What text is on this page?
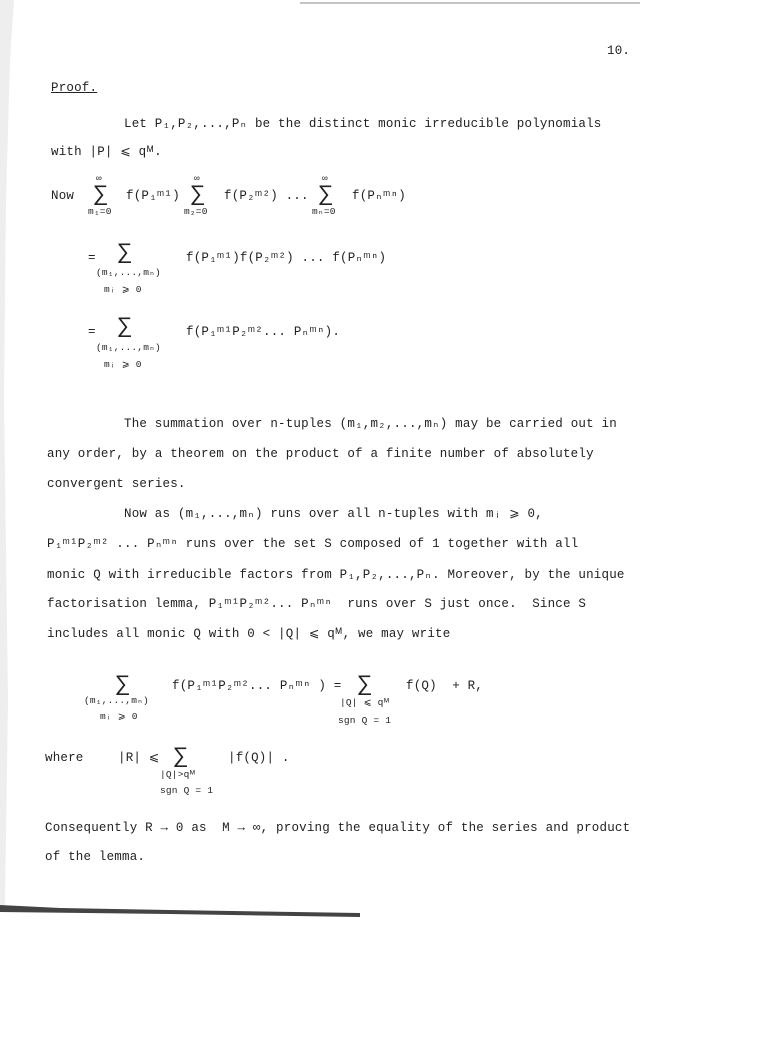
10.
Proof.
Let P₁,P₂,...,Pₙ be the distinct monic irreducible polynomials
with |P| ⩽ qᴹ.
Now
∞
∑
m₁=0
f(P₁ᵐ¹)
∞
∑
m₂=0
f(P₂ᵐ²) ...
∞
∑
mₙ=0
f(Pₙᵐⁿ)
= ∑	f(P₁ᵐ¹)f(P₂ᵐ²) ... f(Pₙᵐⁿ)
(m₁,...,mₙ)
mᵢ ⩾ 0
= ∑	f(P₁ᵐ¹P₂ᵐ²... Pₙᵐⁿ).
(m₁,...,mₙ)
mᵢ ⩾ 0
The summation over n-tuples (m₁,m₂,...,mₙ) may be carried out in
any order, by a theorem on the product of a finite number of absolutely
convergent series.
Now as (m₁,...,mₙ) runs over all n-tuples with mᵢ ⩾ 0,
P₁ᵐ¹P₂ᵐ² ... Pₙᵐⁿ runs over the set S composed of 1 together with all
monic Q with irreducible factors from P₁,P₂,...,Pₙ. Moreover, by the unique
factorisation lemma, P₁ᵐ¹P₂ᵐ²... Pₙᵐⁿ  runs over S just once.  Since S
includes all monic Q with 0 < |Q| ⩽ qᴹ, we may write
∑	f(P₁ᵐ¹P₂ᵐ²... Pₙᵐⁿ ) =
(m₁,...,mₙ)
mᵢ ⩾ 0
∑	f(Q)  + R,
|Q| ⩽ qᴹ
sgn Q = 1
where	|R| ⩽ ∑	|f(Q)| .
|Q|>qᴹ
sgn Q = 1
Consequently R → 0 as  M → ∞, proving the equality of the series and product
of the lemma.
